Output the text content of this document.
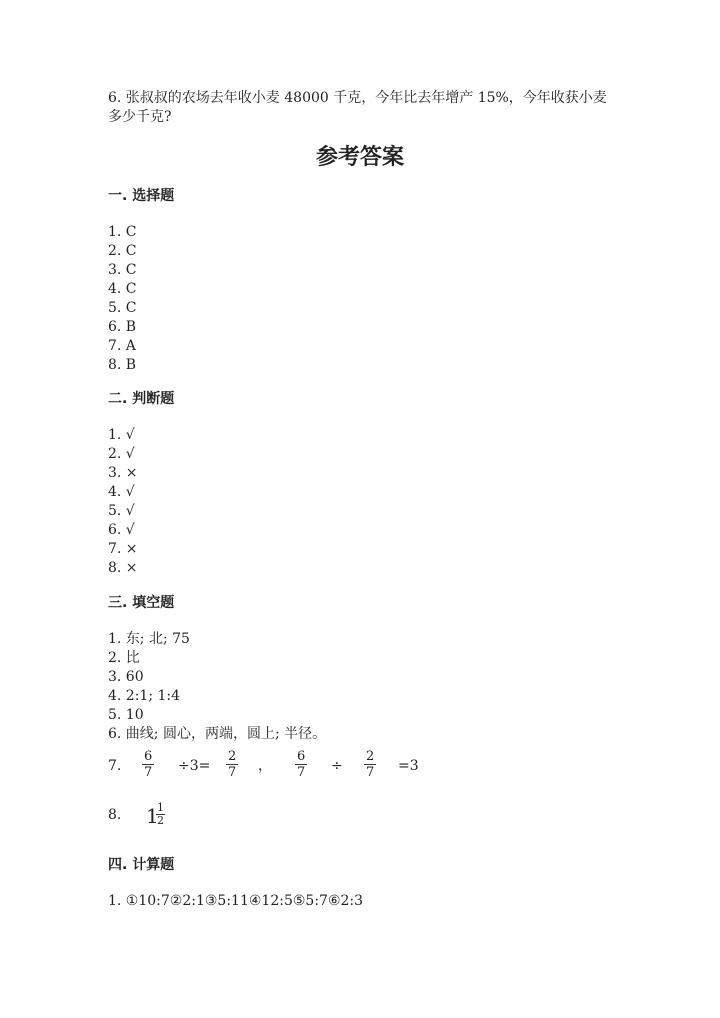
6. 张叔叔的农场去年收小麦 48000 千克，今年比去年增产 15%，今年收获小麦
多少千克?
参考答案
一. 选择题
1. C
2. C
3. C
4. C
5. C
6. B
7. A
8. B
二. 判断题
1. √
2. √
3. ×
4. √
5. √
6. √
7. ×
8. ×
三. 填空题
1. 东; 北; 75
2. 比
3. 60
4. 2:1; 1:4
5. 10
6. 曲线; 圆心，两端，圆上; 半径。
7. $\frac{6}{7} \div 3= \frac{2}{7}$ ， $\frac{6}{7} \div \frac{2}{7} =3$
8. 1
$\frac{1}{2}$
四. 计算题
1. ①10:7②2:1③5:11④12:5⑤5:7⑥2:3
